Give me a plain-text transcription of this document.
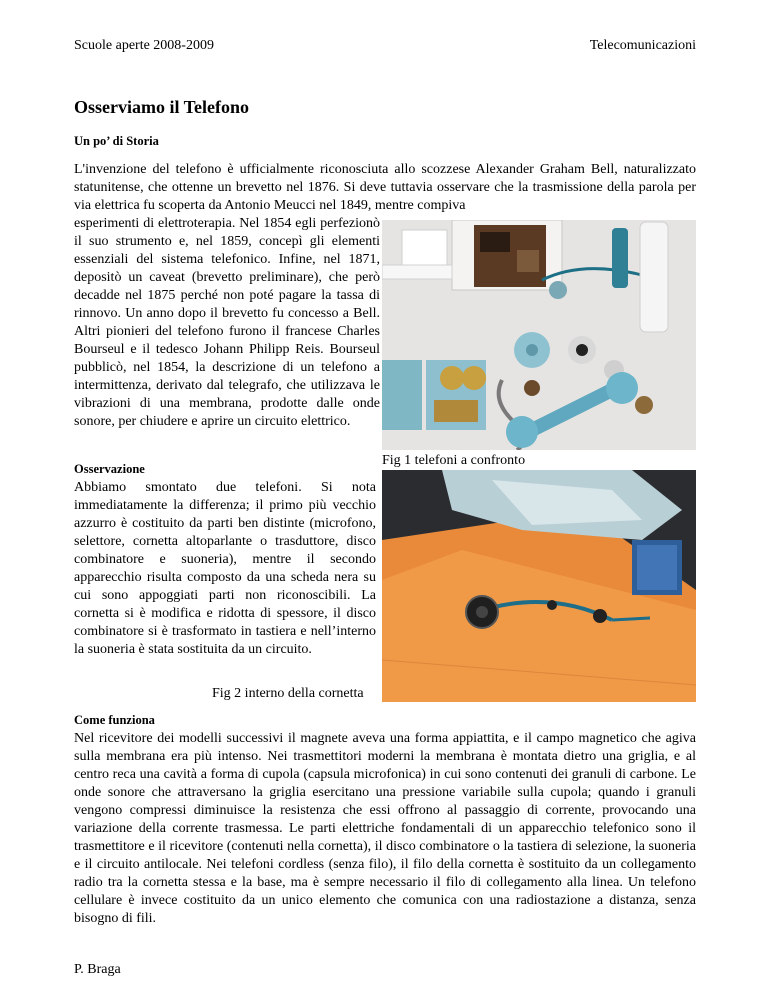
Scuole aperte 2008-2009	Telecomunicazioni
Osserviamo il Telefono
Un po’ di Storia
L'invenzione del telefono è ufficialmente riconosciuta allo scozzese Alexander Graham Bell, naturalizzato statunitense, che ottenne un brevetto nel 1876. Si deve tuttavia osservare che la trasmissione della parola per via elettrica fu scoperta da Antonio Meucci nel 1849, mentre compiva
esperimenti di elettroterapia. Nel 1854 egli perfezionò il suo strumento e, nel 1859, concepì gli elementi essenziali del sistema telefonico. Infine, nel 1871, depositò un caveat (brevetto preliminare), che però decadde nel 1875 perché non poté pagare la tassa di rinnovo. Un anno dopo il brevetto fu concesso a Bell. Altri pionieri del telefono furono il francese Charles Bourseul e il tedesco Johann Philipp Reis. Bourseul pubblicò, nel 1854, la descrizione di un telefono a intermittenza, derivato dal telegrafo, che utilizzava le vibrazioni di una membrana, prodotte dalle onde sonore, per chiudere e aprire un circuito elettrico.
Fig 1 telefoni a confronto
Osservazione
Abbiamo smontato due telefoni. Si nota immediatamente la differenza; il primo più vecchio azzurro è costituito da parti ben distinte (microfono, selettore, cornetta altoparlante o trasduttore, disco combinatore e suoneria), mentre il secondo apparecchio risulta composto da una scheda nera su cui sono appoggiati parti non riconoscibili. La cornetta si è modifica e ridotta di spessore, il disco combinatore si è trasformato in tastiera e nell’interno la suoneria è stata sostituita da un circuito.
Fig 2 interno della cornetta
Come funziona
Nel ricevitore dei modelli successivi il magnete aveva una forma appiattita, e il campo magnetico che agiva sulla membrana era più intenso. Nei trasmettitori moderni la membrana è montata dietro una griglia, e al centro reca una cavità a forma di cupola (capsula microfonica) in cui sono contenuti dei granuli di carbone. Le onde sonore che attraversano la griglia esercitano una pressione variabile sulla cupola; quando i granuli vengono compressi diminuisce la resistenza che essi offrono al passaggio di corrente, provocando una variazione della corrente trasmessa. Le parti elettriche fondamentali di un apparecchio telefonico sono il trasmettitore e il ricevitore (contenuti nella cornetta), il disco combinatore o la tastiera di selezione, la suoneria e il circuito antilocale. Nei telefoni cordless (senza filo), il filo della cornetta è sostituito da un collegamento radio tra la cornetta stessa e la base, ma è sempre necessario il filo di collegamento alla linea. Un telefono cellulare è invece costituito da un unico elemento che comunica con una radiostazione a distanza, senza bisogno di fili.
P. Braga
